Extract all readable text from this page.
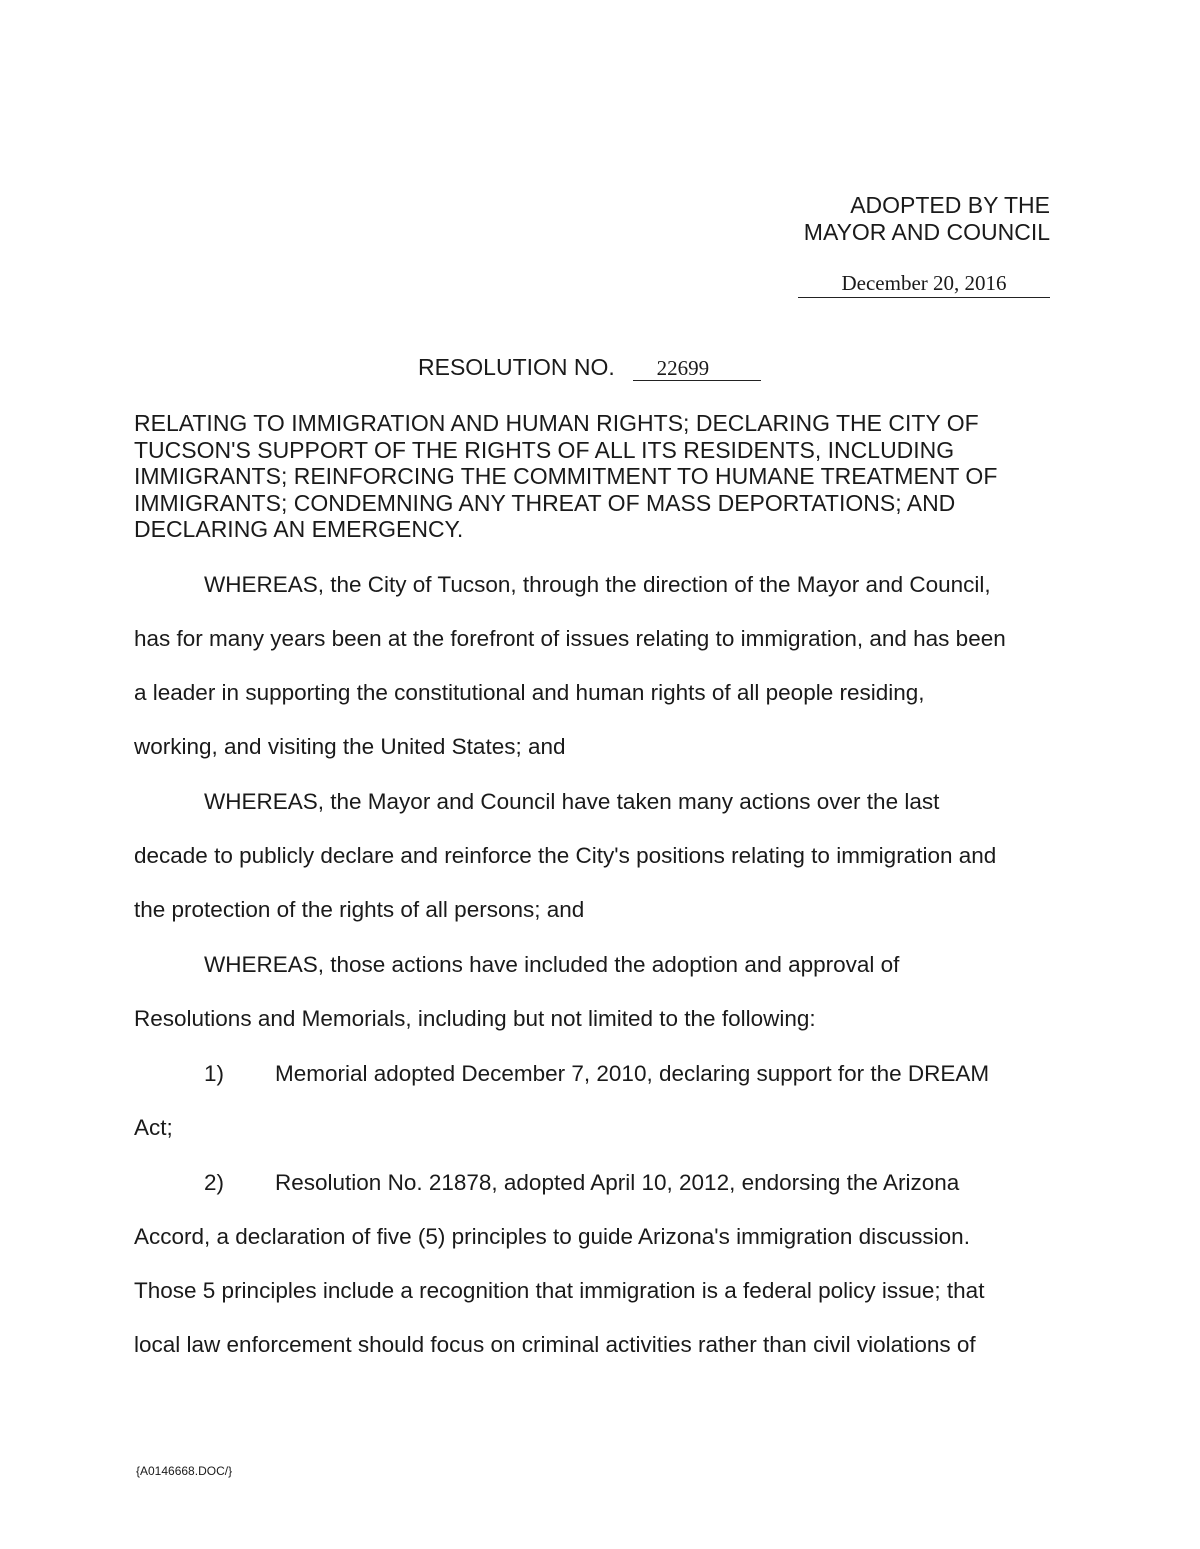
ADOPTED BY THE
MAYOR AND COUNCIL
December 20, 2016
RESOLUTION NO. 22699
RELATING TO IMMIGRATION AND HUMAN RIGHTS; DECLARING THE CITY OF
TUCSON'S SUPPORT OF THE RIGHTS OF ALL ITS RESIDENTS, INCLUDING
IMMIGRANTS; REINFORCING THE COMMITMENT TO HUMANE TREATMENT OF
IMMIGRANTS; CONDEMNING ANY THREAT OF MASS DEPORTATIONS; AND
DECLARING AN EMERGENCY.
WHEREAS, the City of Tucson, through the direction of the Mayor and Council,
has for many years been at the forefront of issues relating to immigration, and has been
a leader in supporting the constitutional and human rights of all people residing,
working, and visiting the United States; and
WHEREAS, the Mayor and Council have taken many actions over the last
decade to publicly declare and reinforce the City's positions relating to immigration and
the protection of the rights of all persons; and
WHEREAS, those actions have included the adoption and approval of
Resolutions and Memorials, including but not limited to the following:
1) Memorial adopted December 7, 2010, declaring support for the DREAM
Act;
2) Resolution No. 21878, adopted April 10, 2012, endorsing the Arizona
Accord, a declaration of five (5) principles to guide Arizona's immigration discussion.
Those 5 principles include a recognition that immigration is a federal policy issue; that
local law enforcement should focus on criminal activities rather than civil violations of
{A0146668.DOC/}
